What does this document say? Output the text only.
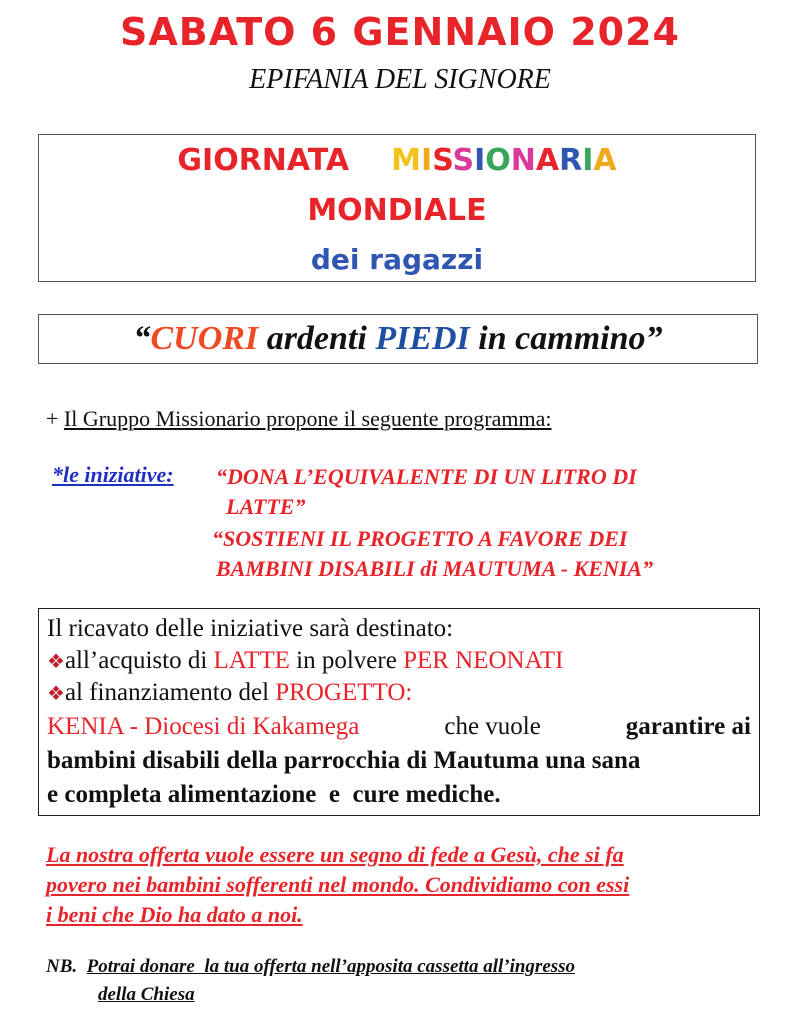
SABATO 6 GENNAIO 2024
EPIFANIA DEL SIGNORE
GIORNATA MISSIONARIA
MONDIALE
dei ragazzi
“CUORI ardenti PIEDI in cammino”
+ Il Gruppo Missionario propone il seguente programma:
*le iniziative: “DONA L’EQUIVALENTE DI UN LITRO DI
LATTE”
“SOSTIENI IL PROGETTO A FAVORE DEI
BAMBINI DISABILI di MAUTUMA - KENIA”
Il ricavato delle iniziative sarà destinato:
❖all’acquisto di LATTE in polvere PER NEONATI
❖al finanziamento del PROGETTO:
KENIA - Diocesi di Kakamega	che vuole	garantire ai
bambini disabili della parrocchia di Mautuma una sana
e completa alimentazione  e  cure mediche.
La nostra offerta vuole essere un segno di fede a Gesù, che si fa
povero nei bambini sofferenti nel mondo. Condividiamo con essi
i beni che Dio ha dato a noi.
NB. Potrai donare  la tua offerta nell’apposita cassetta all’ingresso
della Chiesa
